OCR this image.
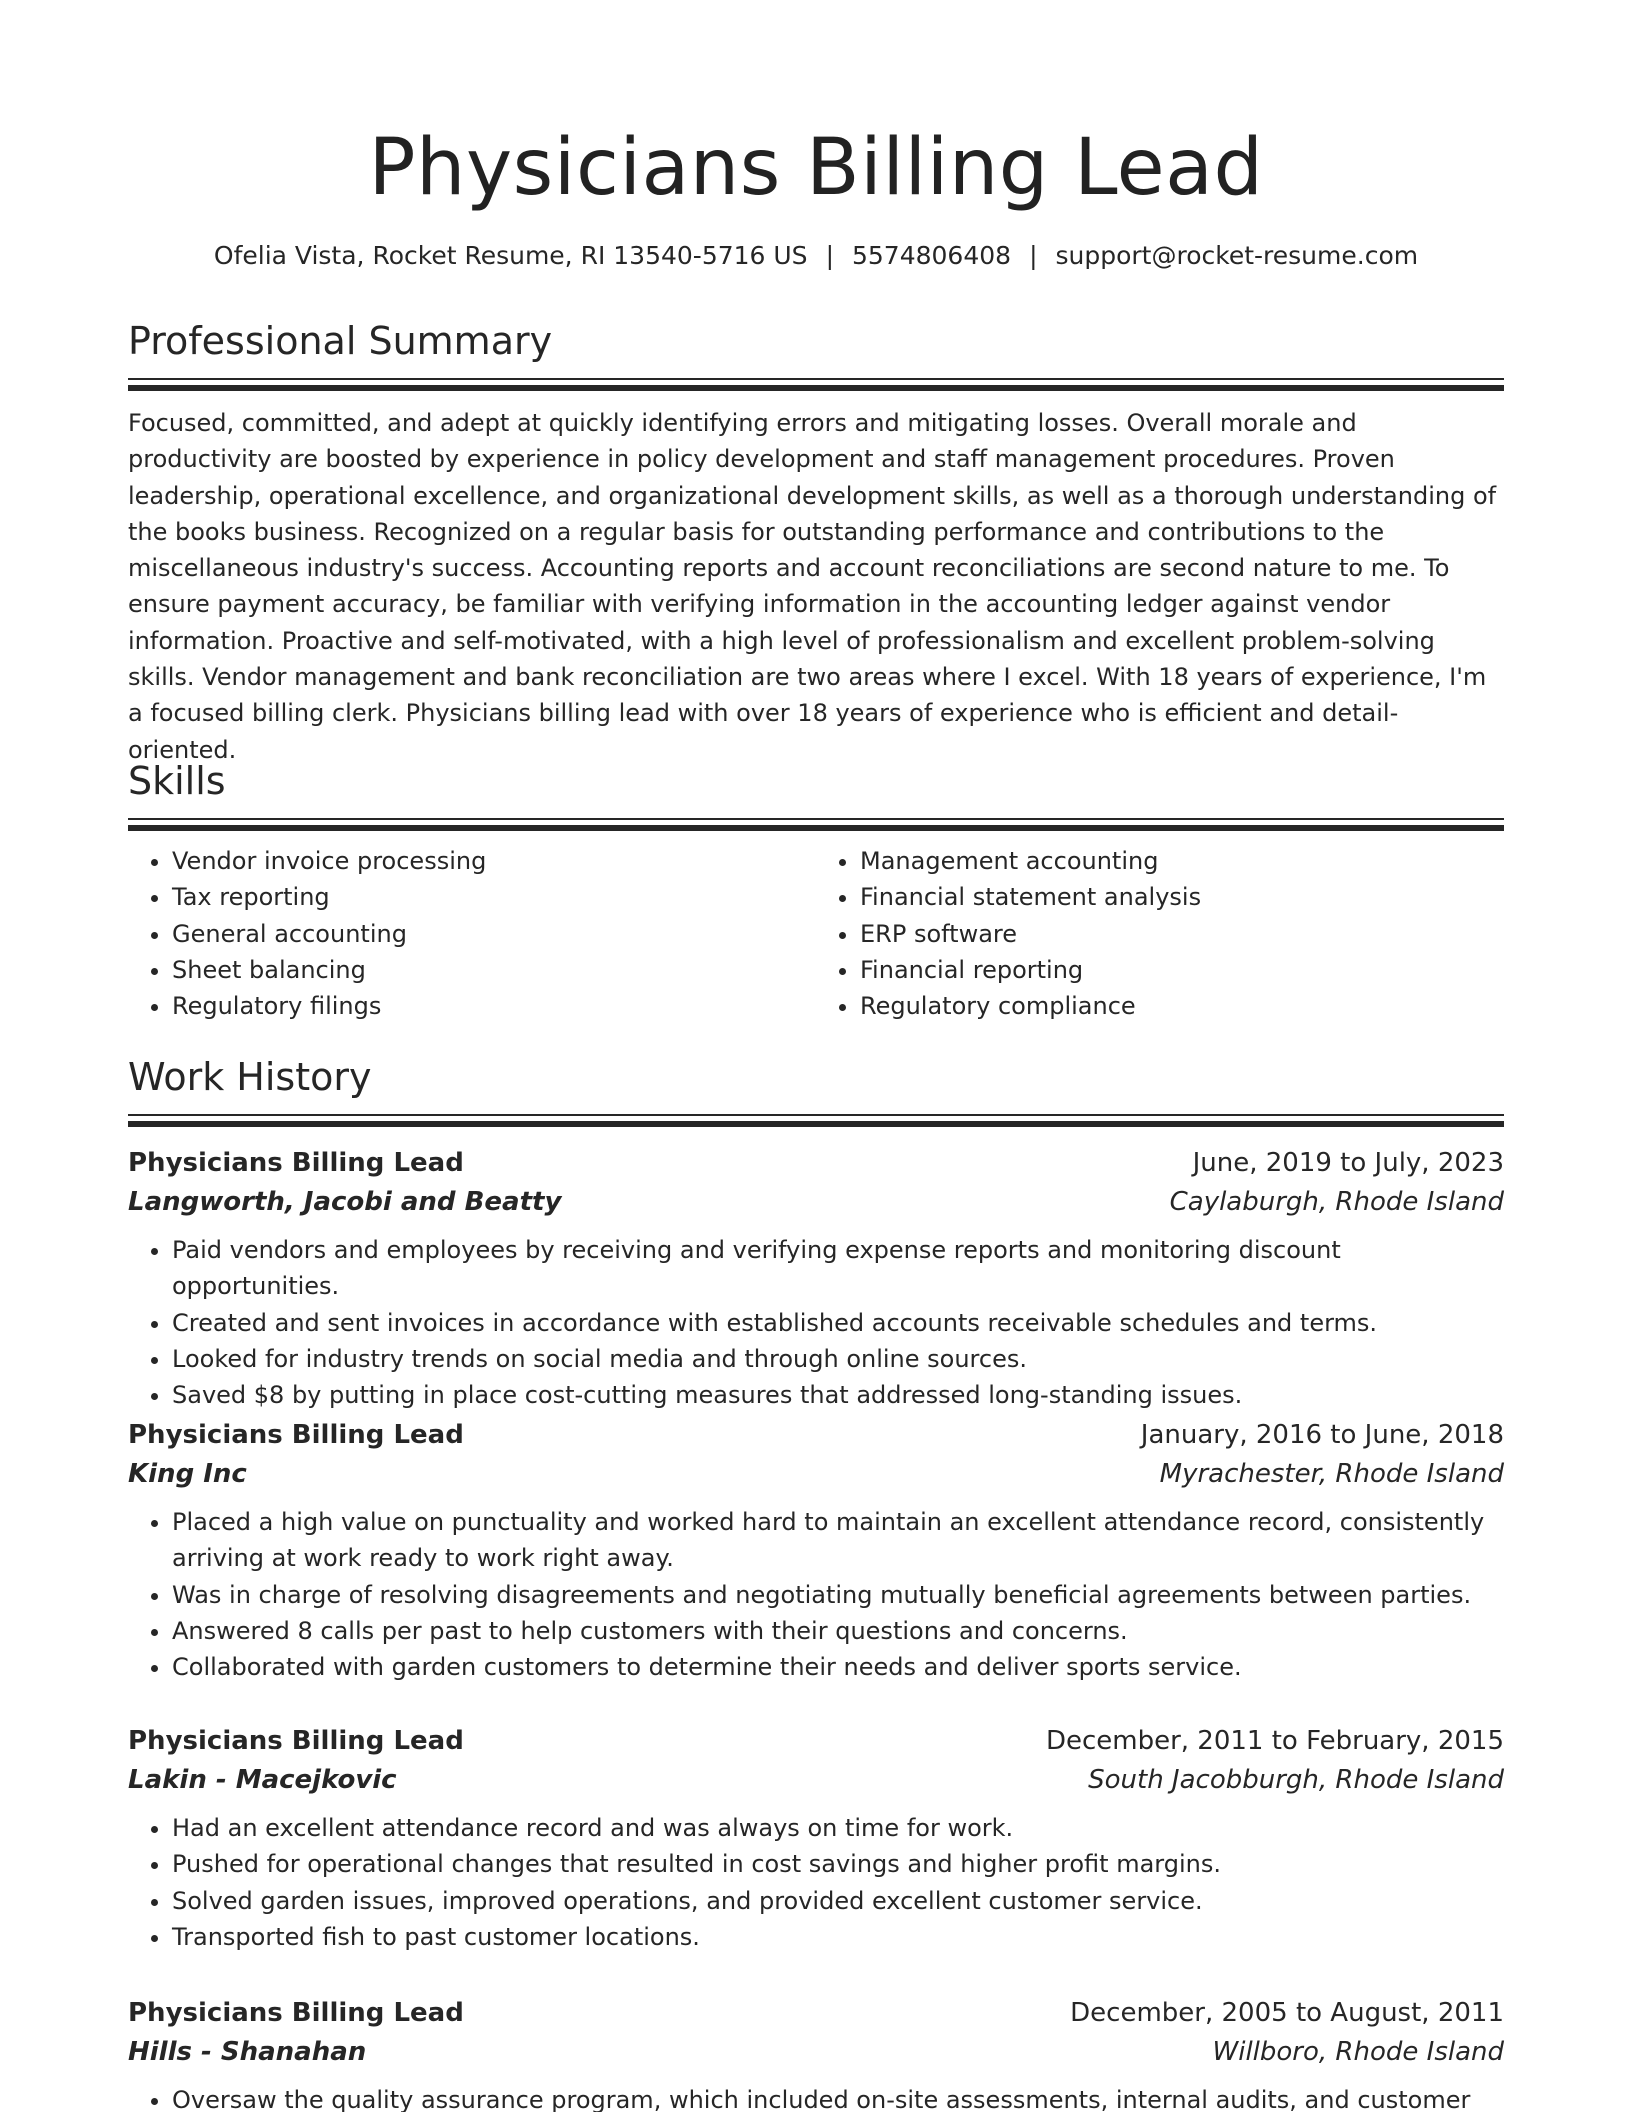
Physicians Billing Lead
Ofelia Vista, Rocket Resume, RI 13540-5716 US | 5574806408 | support@rocket-resume.com
Professional Summary

Focused, committed, and adept at quickly identifying errors and mitigating losses. Overall morale and productivity are boosted by experience in policy development and staff management procedures. Proven leadership, operational excellence, and organizational development skills, as well as a thorough understanding of the books business. Recognized on a regular basis for outstanding performance and contributions to the miscellaneous industry's success. Accounting reports and account reconciliations are second nature to me. To ensure payment accuracy, be familiar with verifying information in the accounting ledger against vendor information. Proactive and self-motivated, with a high level of professionalism and excellent problem-solving skills. Vendor management and bank reconciliation are two areas where I excel. With 18 years of experience, I'm a focused billing clerk. Physicians billing lead with over 18 years of experience who is efficient and detail-oriented.

Skills
• Vendor invoice processing
• Tax reporting
• General accounting
• Sheet balancing
• Regulatory filings
• Management accounting
• Financial statement analysis
• ERP software
• Financial reporting
• Regulatory compliance
Work History
Physicians Billing Lead	June, 2019 to July, 2023
Langworth, Jacobi and Beatty	Caylaburgh, Rhode Island
• Paid vendors and employees by receiving and verifying expense reports and monitoring discount opportunities.
• Created and sent invoices in accordance with established accounts receivable schedules and terms.
• Looked for industry trends on social media and through online sources.
• Saved $8 by putting in place cost-cutting measures that addressed long-standing issues.
Physicians Billing Lead	January, 2016 to June, 2018
King Inc	Myrachester, Rhode Island
• Placed a high value on punctuality and worked hard to maintain an excellent attendance record, consistently arriving at work ready to work right away.
• Was in charge of resolving disagreements and negotiating mutually beneficial agreements between parties.
• Answered 8 calls per past to help customers with their questions and concerns.
• Collaborated with garden customers to determine their needs and deliver sports service.
Physicians Billing Lead	December, 2011 to February, 2015
Lakin - Macejkovic	South Jacobburgh, Rhode Island
• Had an excellent attendance record and was always on time for work.
• Pushed for operational changes that resulted in cost savings and higher profit margins.
• Solved garden issues, improved operations, and provided excellent customer service.
• Transported fish to past customer locations.
Physicians Billing Lead	December, 2005 to August, 2011
Hills - Shanahan	Willboro, Rhode Island
• Oversaw the quality assurance program, which included on-site assessments, internal audits, and customer
